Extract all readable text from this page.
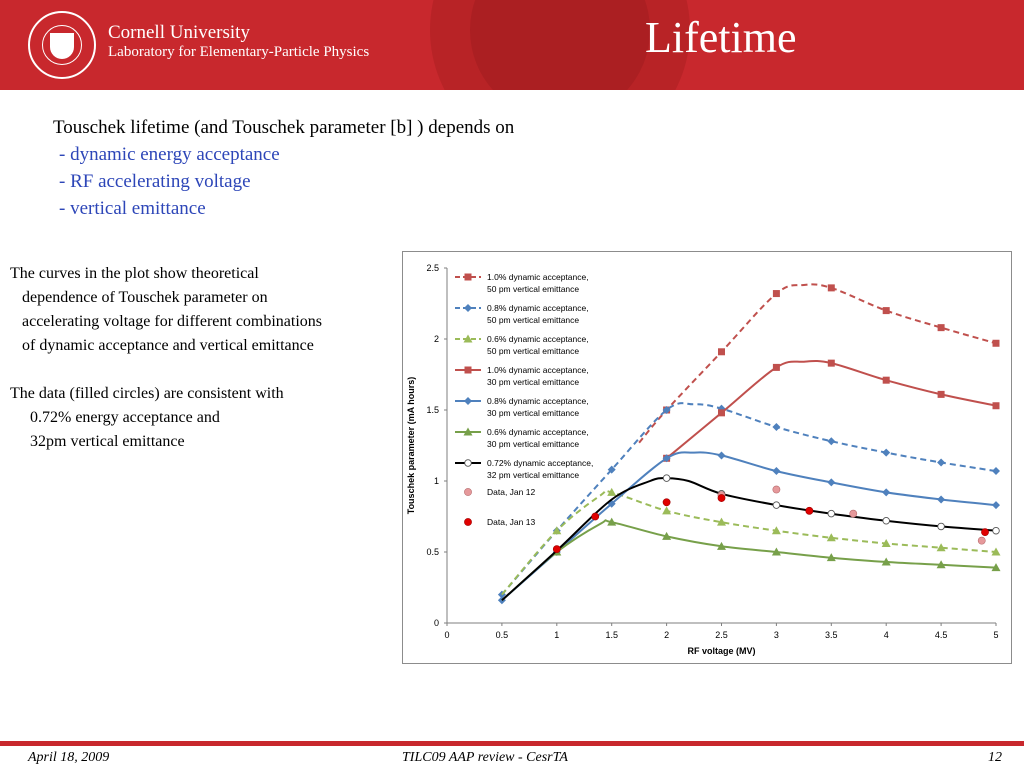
Cornell University
Laboratory for Elementary-Particle Physics	Lifetime
Touschek lifetime (and Touschek parameter [b] ) depends on
- dynamic energy acceptance
- RF accelerating voltage
- vertical emittance
The curves in the plot show theoretical
dependence of Touschek parameter on
accelerating voltage for different combinations
of dynamic acceptance and vertical emittance
The data (filled circles) are consistent with
0.72% energy acceptance and
32pm vertical emittance
0	0.5	1	1.5	2	2.5	3	3.5	4	4.5	5
0
0.5
1
1.5
2
2.5
RF voltage (MV)
Touschek parameter (mA hours)
1.0% dynamic acceptance, 50 pm vertical emittance
0.8% dynamic acceptance, 50 pm vertical emittance
0.6% dynamic acceptance, 50 pm vertical emittance
1.0% dynamic acceptance, 30 pm vertical emittance
0.8% dynamic acceptance, 30 pm vertical emittance
0.6% dynamic acceptance, 30 pm vertical emittance
0.72% dynamic acceptance, 32 pm vertical emittance
Data, Jan 12
Data, Jan 13
April 18, 2009	TILC09 AAP review - CesrTA	12
